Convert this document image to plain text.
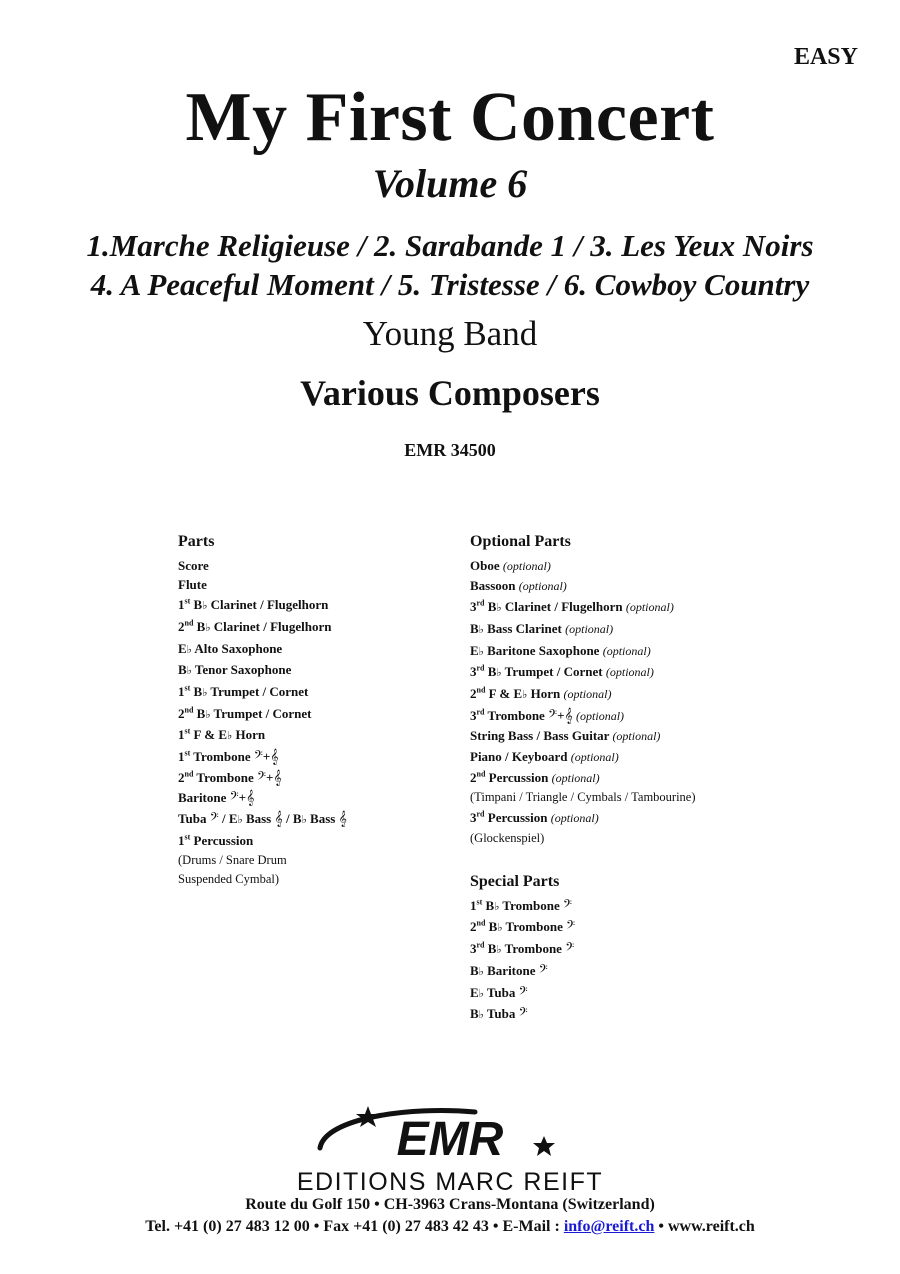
EASY
My First Concert
Volume 6
1.Marche Religieuse / 2. Sarabande 1 / 3. Les Yeux Noirs
4. A Peaceful Moment / 5. Tristesse / 6. Cowboy Country
Young Band
Various Composers
EMR 34500
Parts
Score
Flute
1st B♭ Clarinet / Flugelhorn
2nd B♭ Clarinet / Flugelhorn
E♭ Alto Saxophone
B♭ Tenor Saxophone
1st B♭ Trumpet / Cornet
2nd B♭ Trumpet / Cornet
1st F & E♭ Horn
1st Trombone 𝄢+𝄞
2nd Trombone 𝄢+𝄞
Baritone 𝄢+𝄞
Tuba 𝄢 / E♭ Bass 𝄞 / B♭ Bass 𝄞
1st Percussion
(Drums / Snare Drum
Suspended Cymbal)
Optional Parts
Oboe (optional)
Bassoon (optional)
3rd B♭ Clarinet / Flugelhorn (optional)
B♭ Bass Clarinet (optional)
E♭ Baritone Saxophone (optional)
3rd B♭ Trumpet / Cornet (optional)
2nd F & E♭ Horn (optional)
3rd Trombone 𝄢+𝄞 (optional)
String Bass / Bass Guitar (optional)
Piano / Keyboard (optional)
2nd Percussion (optional)
(Timpani / Triangle / Cymbals / Tambourine)
3rd Percussion (optional)
(Glockenspiel)
Special Parts
1st B♭ Trombone 𝄢
2nd B♭ Trombone 𝄢
3rd B♭ Trombone 𝄢
B♭ Baritone 𝄢
E♭ Tuba 𝄢
B♭ Tuba 𝄢
EMR
EDITIONS MARC REIFT
Route du Golf 150 • CH-3963 Crans-Montana (Switzerland)
Tel. +41 (0) 27 483 12 00 • Fax +41 (0) 27 483 42 43 • E-Mail : info@reift.ch • www.reift.ch
